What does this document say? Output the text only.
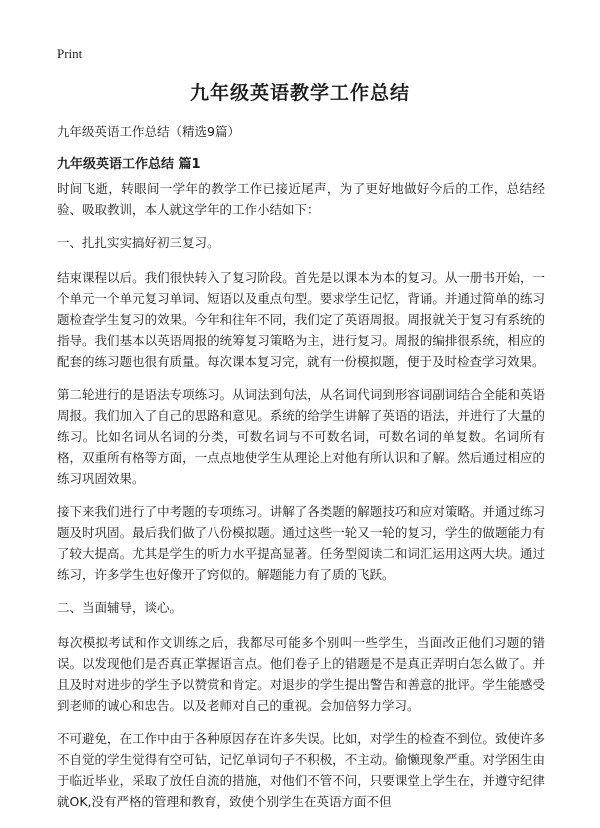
Print
九年级英语教学工作总结

九年级英语工作总结（精选9篇）

九年级英语工作总结 篇1

时间飞逝，转眼间一学年的教学工作已接近尾声，为了更好地做好今后的工作，总结经验、吸取教训，本人就这学年的工作小结如下：

一、扎扎实实搞好初三复习。

结束课程以后。我们很快转入了复习阶段。首先是以课本为本的复习。从一册书开始，一个单元一个单元复习单词、短语以及重点句型。要求学生记忆，背诵。并通过简单的练习题检查学生复习的效果。今年和往年不同，我们定了英语周报。周报就关于复习有系统的指导。我们基本以英语周报的统筹复习策略为主，进行复习。周报的编排很系统，相应的配套的练习题也很有质量。每次课本复习完，就有一份模拟题，便于及时检查学习效果。

第二轮进行的是语法专项练习。从词法到句法，从名词代词到形容词副词结合全能和英语周报。我们加入了自己的思路和意见。系统的给学生讲解了英语的语法，并进行了大量的练习。比如名词从名词的分类，可数名词与不可数名词，可数名词的单复数。名词所有格，双重所有格等方面，一点点地使学生从理论上对他有所认识和了解。然后通过相应的练习巩固效果。

接下来我们进行了中考题的专项练习。讲解了各类题的解题技巧和应对策略。并通过练习题及时巩固。最后我们做了八份模拟题。通过这些一轮又一轮的复习，学生的做题能力有了较大提高。尤其是学生的听力水平提高显著。任务型阅读二和词汇运用这两大块。通过练习，许多学生也好像开了窍似的。解题能力有了质的飞跃。

二、当面辅导，谈心。

每次模拟考试和作文训练之后，我都尽可能多个别叫一些学生，当面改正他们习题的错误。以发现他们是否真正掌握语言点。他们卷子上的错题是不是真正弄明白怎么做了。并且及时对进步的学生予以赞赏和肯定。对退步的学生提出警告和善意的批评。学生能感受到老师的诚心和忠告。以及老师对自己的重视。会加倍努力学习。

不可避免，在工作中由于各种原因存在许多失误。比如，对学生的检查不到位。致使许多不自觉的学生觉得有空可钻，记忆单词句子不积极，不主动。偷懒现象严重。对学困生由于临近毕业，采取了放任自流的措施，对他们不管不问，只要课堂上学生在，并遵守纪律就OK,没有严格的管理和教育，致使个别学生在英语方面不但
